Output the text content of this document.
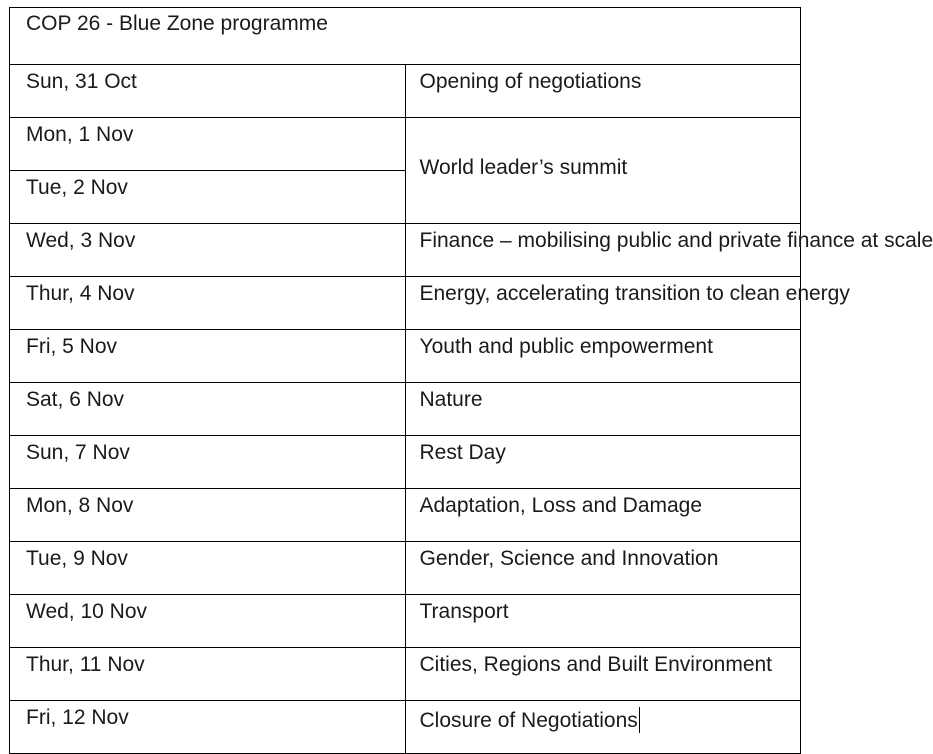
COP 26 - Blue Zone programme	
Sun, 31 Oct	Opening of negotiations
Mon, 1 Nov	World leader’s summit
Tue, 2 Nov	
Wed, 3 Nov	Finance – mobilising public and private finance at scale
Thur, 4 Nov	Energy, accelerating transition to clean energy
Fri, 5 Nov	Youth and public empowerment
Sat, 6 Nov	Nature
Sun, 7 Nov	Rest Day
Mon, 8 Nov	Adaptation, Loss and Damage
Tue, 9 Nov	Gender, Science and Innovation
Wed, 10 Nov	Transport
Thur, 11 Nov	Cities, Regions and Built Environment
Fri, 12 Nov	Closure of Negotiations
